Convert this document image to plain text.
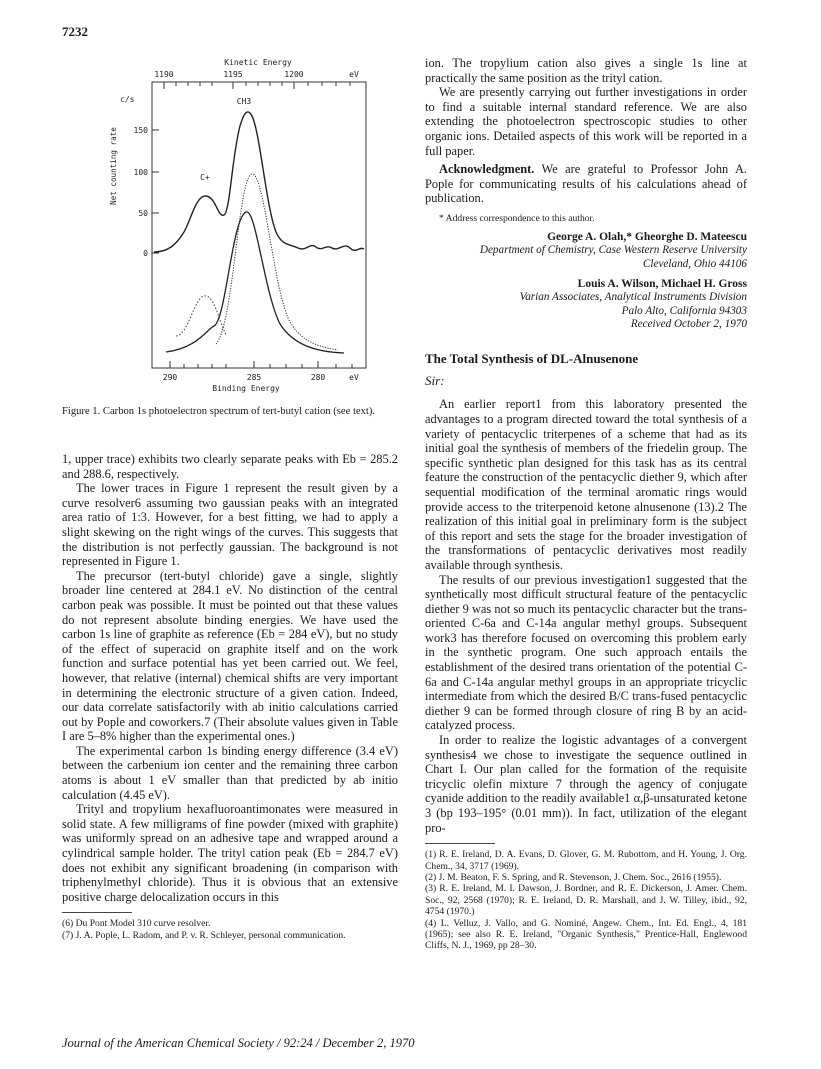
7232
Kinetic Energy
1190	1195	1200	eV
c/s
150
100
50
0
Net counting rate
CH3
C+
290	285	280	eV
Binding Energy

Figure 1. Carbon 1s photoelectron spectrum of tert-butyl cation (see text).

1, upper trace) exhibits two clearly separate peaks with Eb = 285.2 and 288.6, respectively.

The lower traces in Figure 1 represent the result given by a curve resolver6 assuming two gaussian peaks with an integrated area ratio of 1:3. However, for a best fitting, we had to apply a slight skewing on the right wings of the curves. This suggests that the distribution is not perfectly gaussian. The background is not represented in Figure 1.

The precursor (tert-butyl chloride) gave a single, slightly broader line centered at 284.1 eV. No distinction of the central carbon peak was possible. It must be pointed out that these values do not represent absolute binding energies. We have used the carbon 1s line of graphite as reference (Eb = 284 eV), but no study of the effect of superacid on graphite itself and on the work function and surface potential has yet been carried out. We feel, however, that relative (internal) chemical shifts are very important in determining the electronic structure of a given cation. Indeed, our data correlate satisfactorily with ab initio calculations carried out by Pople and coworkers.7 (Their absolute values given in Table I are 5–8% higher than the experimental ones.)

The experimental carbon 1s binding energy difference (3.4 eV) between the carbenium ion center and the remaining three carbon atoms is about 1 eV smaller than that predicted by ab initio calculation (4.45 eV).

Trityl and tropylium hexafluoroantimonates were measured in solid state. A few milligrams of fine powder (mixed with graphite) was uniformly spread on an adhesive tape and wrapped around a cylindrical sample holder. The trityl cation peak (Eb = 284.7 eV) does not exhibit any significant broadening (in comparison with triphenylmethyl chloride). Thus it is obvious that an extensive positive charge delocalization occurs in this

(6) Du Pont Model 310 curve resolver.

(7) J. A. Pople, L. Radom, and P. v. R. Schleyer, personal communication.

ion. The tropylium cation also gives a single 1s line at practically the same position as the trityl cation.

We are presently carrying out further investigations in order to find a suitable internal standard reference. We are also extending the photoelectron spectroscopic studies to other organic ions. Detailed aspects of this work will be reported in a full paper.

Acknowledgment. We are grateful to Professor John A. Pople for communicating results of his calculations ahead of publication.

* Address correspondence to this author.

George A. Olah,* Gheorghe D. Mateescu

Department of Chemistry, Case Western Reserve University

Cleveland, Ohio 44106

Louis A. Wilson, Michael H. Gross

Varian Associates, Analytical Instruments Division

Palo Alto, California 94303

Received October 2, 1970

The Total Synthesis of DL-Alnusenone

Sir:

An earlier report1 from this laboratory presented the advantages to a program directed toward the total synthesis of a variety of pentacyclic triterpenes of a scheme that had as its initial goal the synthesis of members of the friedelin group. The specific synthetic plan designed for this task has as its central feature the construction of the pentacyclic diether 9, which after sequential modification of the terminal aromatic rings would provide access to the triterpenoid ketone alnusenone (13).2 The realization of this initial goal in preliminary form is the subject of this report and sets the stage for the broader investigation of the transformations of pentacyclic derivatives most readily available through synthesis.

The results of our previous investigation1 suggested that the synthetically most difficult structural feature of the pentacyclic diether 9 was not so much its pentacyclic character but the trans-oriented C-6a and C-14a angular methyl groups. Subsequent work3 has therefore focused on overcoming this problem early in the synthetic program. One such approach entails the establishment of the desired trans orientation of the potential C-6a and C-14a angular methyl groups in an appropriate tricyclic intermediate from which the desired B/C trans-fused pentacyclic diether 9 can be formed through closure of ring B by an acid-catalyzed process.

In order to realize the logistic advantages of a convergent synthesis4 we chose to investigate the sequence outlined in Chart I. Our plan called for the formation of the requisite tricyclic olefin mixture 7 through the agency of conjugate cyanide addition to the readily available1 α,β-unsaturated ketone 3 (bp 193–195° (0.01 mm)). In fact, utilization of the elegant pro-

(1) R. E. Ireland, D. A. Evans, D. Glover, G. M. Rubottom, and H. Young, J. Org. Chem., 34, 3717 (1969).

(2) J. M. Beaton, F. S. Spring, and R. Stevenson, J. Chem. Soc., 2616 (1955).

(3) R. E. Ireland, M. I. Dawson, J. Bordner, and R. E. Dickerson, J. Amer. Chem. Soc., 92, 2568 (1970); R. E. Ireland, D. R. Marshall, and J. W. Tilley, ibid., 92, 4754 (1970.)

(4) L. Velluz, J. Vallo, and G. Nominé, Angew. Chem., Int. Ed. Engl., 4, 181 (1965); see also R. E. Ireland, "Organic Synthesis," Prentice-Hall, Englewood Cliffs, N. J., 1969, pp 28–30.

Journal of the American Chemical Society / 92:24 / December 2, 1970
